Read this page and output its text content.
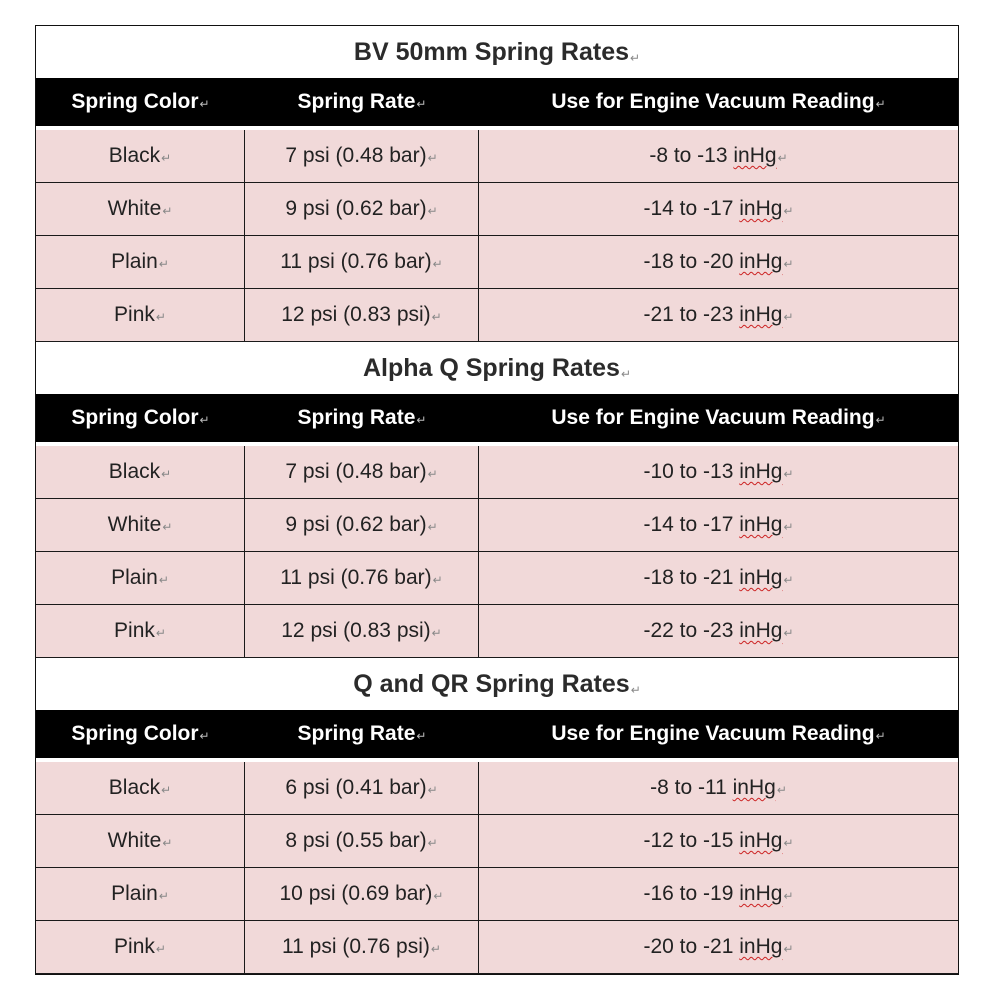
BV 50mm Spring Rates↵
Spring Color ↵	Spring Rate ↵	Use for Engine Vacuum Reading ↵
Black ↵	7 psi (0.48 bar) ↵	-8 to -13
inHg ↵
White ↵	9 psi (0.62 bar) ↵	-14 to -17
inHg ↵
Plain ↵	11 psi (0.76 bar) ↵	-18 to -20
inHg ↵
Pink ↵	12 psi (0.83 psi) ↵	-21 to -23
inHg ↵
Alpha Q Spring Rates↵
Spring Color ↵	Spring Rate ↵	Use for Engine Vacuum Reading ↵
Black ↵	7 psi (0.48 bar) ↵	-10 to -13
inHg ↵
White ↵	9 psi (0.62 bar) ↵	-14 to -17
inHg ↵
Plain ↵	11 psi (0.76 bar) ↵	-18 to -21
inHg ↵
Pink ↵	12 psi (0.83 psi) ↵	-22 to -23
inHg ↵
Q and QR Spring Rates↵
Spring Color ↵	Spring Rate ↵	Use for Engine Vacuum Reading ↵
Black ↵	6 psi (0.41 bar) ↵	-8 to -11
inHg ↵
White ↵	8 psi (0.55 bar) ↵	-12 to -15
inHg ↵
Plain ↵	10 psi (0.69 bar) ↵	-16 to -19
inHg ↵
Pink ↵	11 psi (0.76 psi) ↵	-20 to -21
inHg ↵
